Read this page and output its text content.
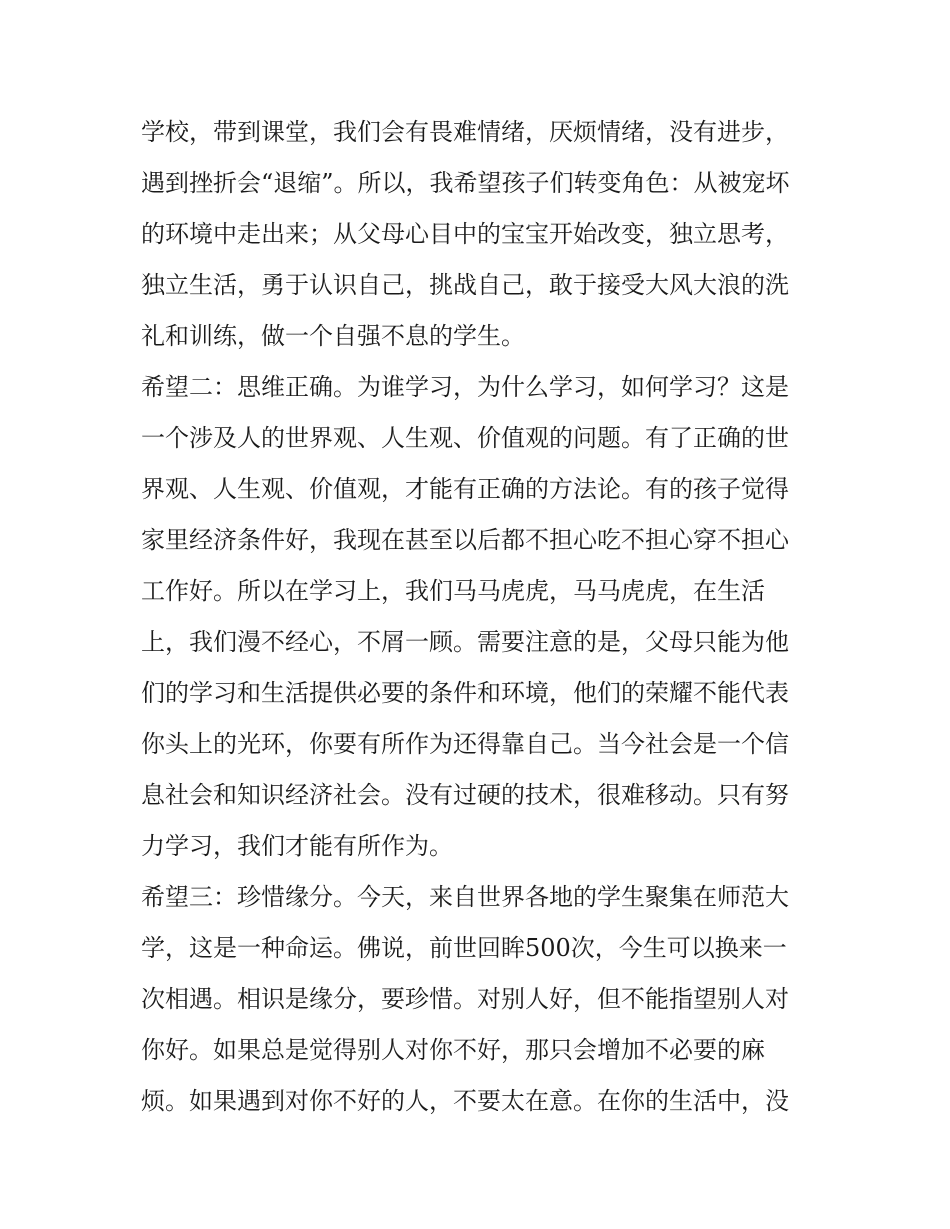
学校，带到课堂，我们会有畏难情绪，厌烦情绪，没有进步，
遇到挫折会“退缩”。所以，我希望孩子们转变角色：从被宠坏
的环境中走出来；从父母心目中的宝宝开始改变，独立思考，
独立生活，勇于认识自己，挑战自己，敢于接受大风大浪的洗
礼和训练，做一个自强不息的学生。
希望二：思维正确。为谁学习，为什么学习，如何学习？这是
一个涉及人的世界观、人生观、价值观的问题。有了正确的世
界观、人生观、价值观，才能有正确的方法论。有的孩子觉得
家里经济条件好，我现在甚至以后都不担心吃不担心穿不担心
工作好。所以在学习上，我们马马虎虎，马马虎虎，在生活
上，我们漫不经心，不屑一顾。需要注意的是，父母只能为他
们的学习和生活提供必要的条件和环境，他们的荣耀不能代表
你头上的光环，你要有所作为还得靠自己。当今社会是一个信
息社会和知识经济社会。没有过硬的技术，很难移动。只有努
力学习，我们才能有所作为。
希望三：珍惜缘分。今天，来自世界各地的学生聚集在师范大
学，这是一种命运。佛说，前世回眸500次，今生可以换来一
次相遇。相识是缘分，要珍惜。对别人好，但不能指望别人对
你好。如果总是觉得别人对你不好，那只会增加不必要的麻
烦。如果遇到对你不好的人，不要太在意。在你的生活中，没
